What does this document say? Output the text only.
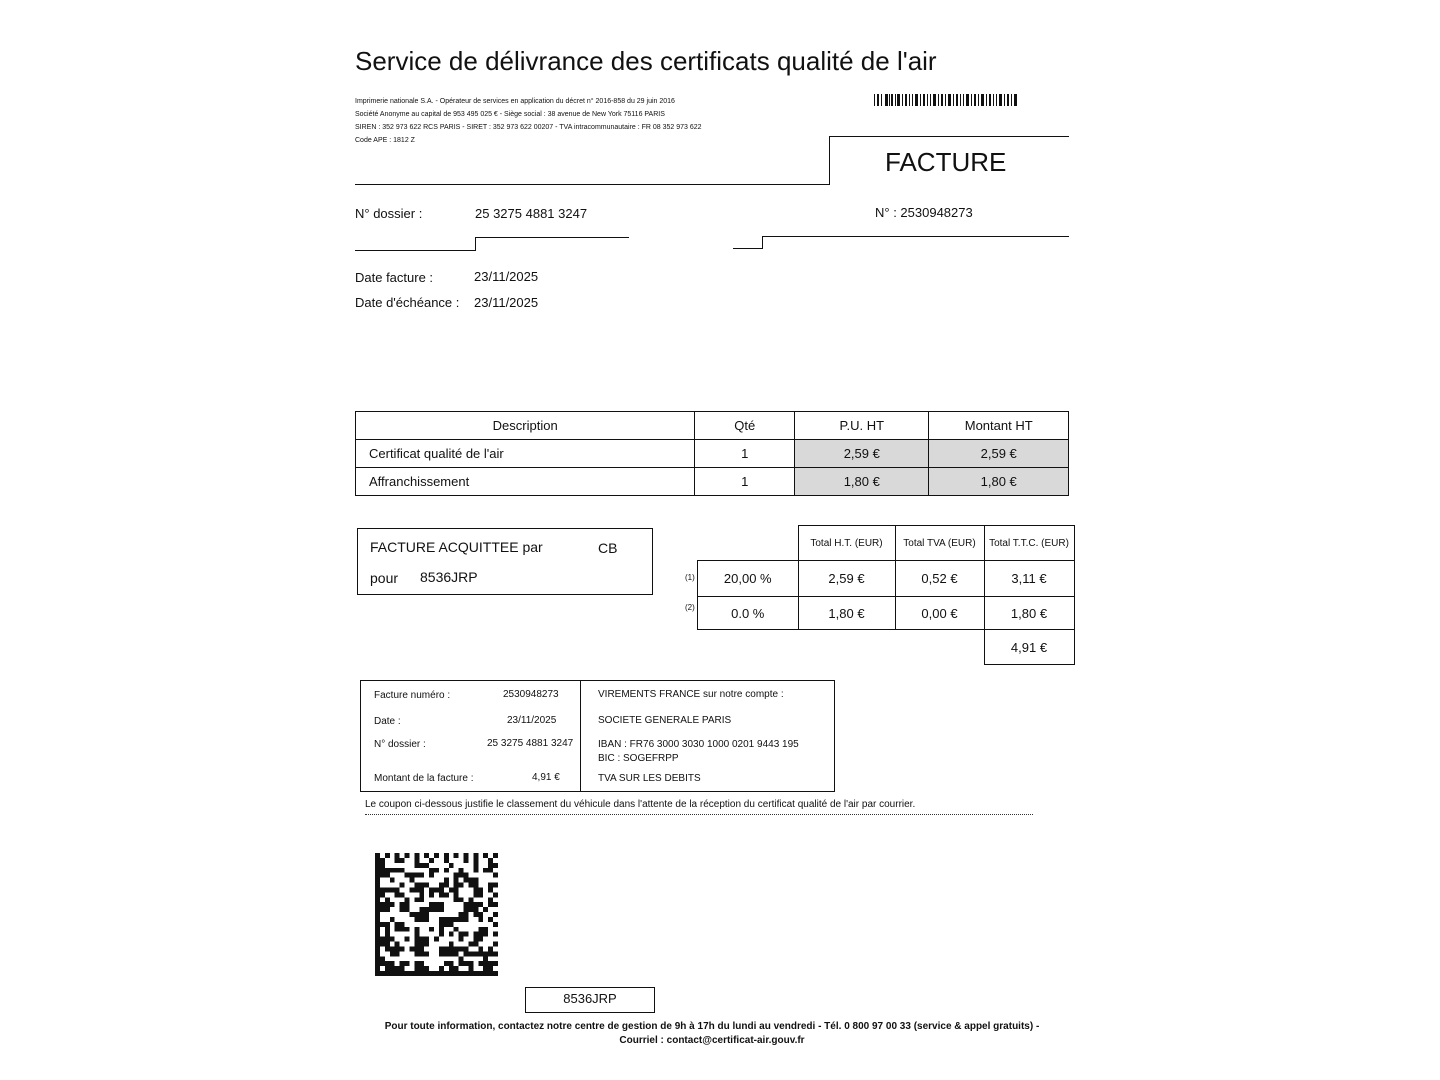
Service de délivrance des certificats qualité de l'air
Imprimerie nationale S.A. - Opérateur de services en application du décret n° 2016-858 du 29 juin 2016
Société Anonyme au capital de 953 495 025 € - Siège social : 38 avenue de New York 75116 PARIS
SIREN : 352 973 622 RCS PARIS - SIRET : 352 973 622 00207 - TVA intracommunautaire : FR 08 352 973 622
Code APE : 1812 Z
FACTURE
N° dossier :	25 3275 4881 3247	N° : 2530948273
Date facture :	23/11/2025
Date d'échéance : 23/11/2025
Description	Qté	P.U. HT	Montant HT
Certificat qualité de l'air	1	2,59 €	2,59 €
Affranchissement	1	1,80 €	1,80 €
FACTURE ACQUITTEE par	CB
pour 8536JRP	(1)
(2)
	Total H.T. (EUR)	Total TVA (EUR)	Total T.T.C. (EUR)
20,00 %	2,59 €	0,52 €	3,11 €
0.0 %	1,80 €	0,00 €	1,80 €
			4,91 €
Facture numéro :	2530948273
Date :	23/11/2025
N° dossier :	25 3275 4881 3247
Montant de la facture :	4,91 €
VIREMENTS FRANCE sur notre compte :
SOCIETE GENERALE PARIS
IBAN : FR76 3000 3030 1000 0201 9443 195
BIC : SOGEFRPP
TVA SUR LES DEBITS
Le coupon ci-dessous justifie le classement du véhicule dans l'attente de la réception du certificat qualité de l'air par courrier.
8536JRP
Pour toute information, contactez notre centre de gestion de 9h à 17h du lundi au vendredi - Tél. 0 800 97 00 33 (service & appel gratuits) -
Courriel : contact@certificat-air.gouv.fr
